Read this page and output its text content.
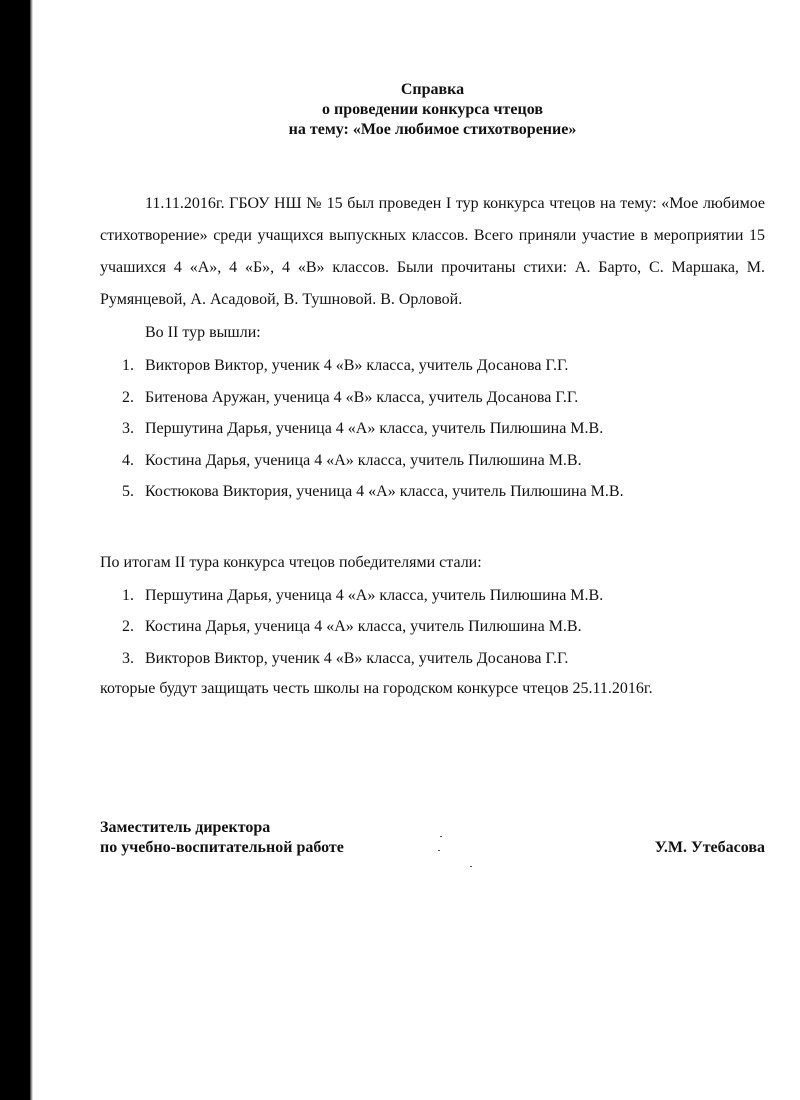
Справка
о проведении конкурса чтецов
на тему: «Мое любимое стихотворение»

11.11.2016г. ГБОУ НШ № 15 был проведен I тур конкурса чтецов на тему: «Мое любимое стихотворение» среди учащихся выпускных классов. Всего приняли участие в мероприятии 15 учашихся 4 «А», 4 «Б», 4 «В» классов. Были прочитаны стихи: А. Барто, С. Маршака, М. Румянцевой, А. Асадовой, В. Тушновой. В. Орловой.

Во II тур вышли:
1. Викторов Виктор, ученик 4 «В» класса, учитель Досанова Г.Г.
2. Битенова Аружан, ученица 4 «В» класса, учитель Досанова Г.Г.
3. Першутина Дарья, ученица 4 «А» класса, учитель Пилюшина М.В.
4. Костина Дарья, ученица 4 «А» класса, учитель Пилюшина М.В.
5. Костюкова Виктория, ученица 4 «А» класса, учитель Пилюшина М.В.
По итогам II тура конкурса чтецов победителями стали:
1. Першутина Дарья, ученица 4 «А» класса, учитель Пилюшина М.В.
2. Костина Дарья, ученица 4 «А» класса, учитель Пилюшина М.В.
3. Викторов Виктор, ученик 4 «В» класса, учитель Досанова Г.Г.
которые будут защищать честь школы на городском конкурсе чтецов 25.11.2016г.
Заместитель директора
по учебно-воспитательной работе	У.М. Утебасова
